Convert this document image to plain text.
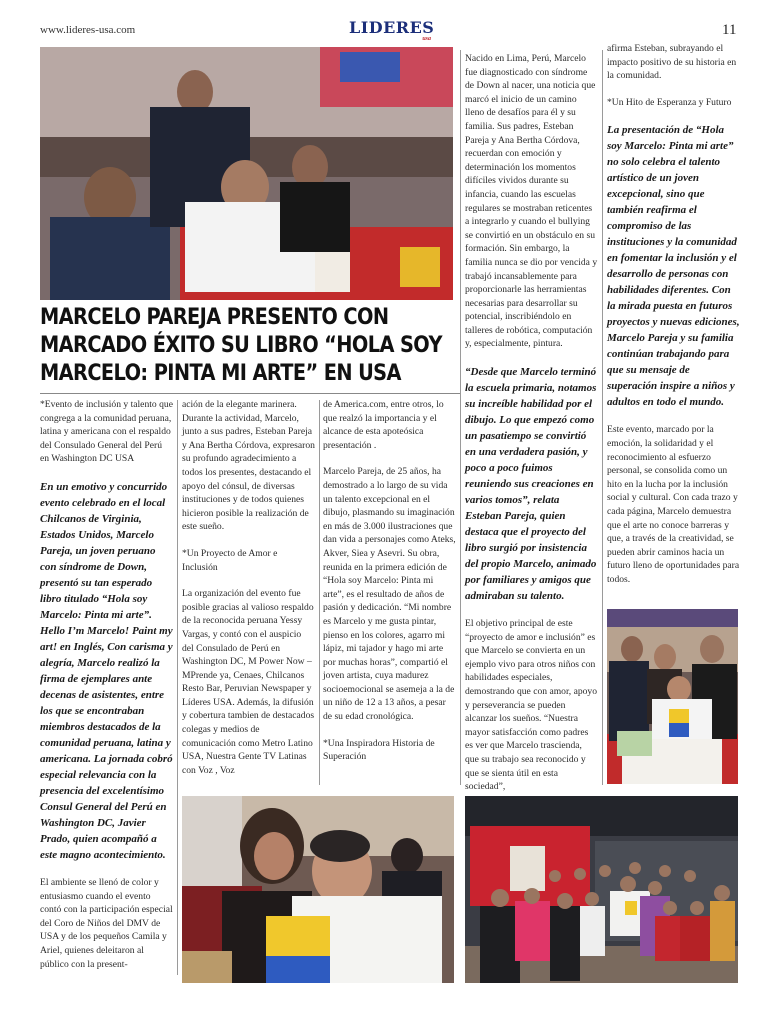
www.lideres-usa.com	LIDERES
usa
11
MARCELO PAREJA PRESENTO CON MARCADO ÉXITO SU LIBRO “HOLA SOY MARCELO: PINTA MI ARTE” EN USA

*Evento de inclusión y talento que congrega a la comunidad peruana, latina y americana con el respaldo del Consulado General del Perú en Washington DC USA

En un emotivo y concurrido evento celebrado en el local Chilcanos de Virginia, Estados Unidos, Marcelo Pareja, un joven peruano con síndrome de Down, presentó su tan esperado libro titulado “Hola soy Marcelo: Pinta mi arte”. Hello I’m Marcelo! Paint my art! en Inglés, Con carisma y alegría, Marcelo realizó la firma de ejemplares ante decenas de asistentes, entre los que se encontraban miembros destacados de la comunidad peruana, latina y americana. La jornada cobró especial relevancia con la presencia del excelentísimo Consul General del Perú en Washington DC, Javier Prado, quien acompañó a este magno acontecimiento.

El ambiente se llenó de color y entusiasmo cuando el evento contó con la participación especial del Coro de Niños del DMV de USA y de los pequeños Camila y Ariel, quienes deleitaron al público con la present-

ación de la elegante marinera. Durante la actividad, Marcelo, junto a sus padres, Esteban Pareja y Ana Bertha Córdova, expresaron su profundo agradecimiento a todos los presentes, destacando el apoyo del cónsul, de diversas instituciones y de todos quienes hicieron posible la realización de este sueño.

*Un Proyecto de Amor e Inclusión

La organización del evento fue posible gracias al valioso respaldo de la reconocida peruana Yessy Vargas, y contó con el auspicio del Consulado de Perú en Washington DC, M Power Now – MPrende ya, Cenaes, Chilcanos Resto Bar, Peruvian Newspaper y Líderes USA. Además, la difusión y cobertura tambien de destacados colegas y medios de comunicación como Metro Latino USA, Nuestra Gente TV Latinas con Voz , Voz

de America.com, entre otros, lo que realzó la importancia y el alcance de esta apoteósica presentación .

Marcelo Pareja, de 25 años, ha demostrado a lo largo de su vida un talento excepcional en el dibujo, plasmando su imaginación en más de 3.000 ilustraciones que dan vida a personajes como Ateks, Akver, Siea y Asevri. Su obra, reunida en la primera edición de “Hola soy Marcelo: Pinta mi arte”, es el resultado de años de pasión y dedicación. “Mi nombre es Marcelo y me gusta pintar, pienso en los colores, agarro mi lápiz, mi tajador y hago mi arte por muchas horas”, compartió el joven artista, cuya madurez socioemocional se asemeja a la de un niño de 12 a 13 años, a pesar de su edad cronológica.

*Una Inspiradora Historia de Superación

Nacido en Lima, Perú, Marcelo fue diagnosticado con síndrome de Down al nacer, una noticia que marcó el inicio de un camino lleno de desafíos para él y su familia. Sus padres, Esteban Pareja y Ana Bertha Córdova, recuerdan con emoción y determinación los momentos difíciles vividos durante su infancia, cuando las escuelas regulares se mostraban reticentes a integrarlo y cuando el bullying se convirtió en un obstáculo en su formación. Sin embargo, la familia nunca se dio por vencida y trabajó incansablemente para proporcionarle las herramientas necesarias para desarrollar su potencial, inscribiéndolo en talleres de robótica, computación y, especialmente, pintura.

“Desde que Marcelo terminó la escuela primaria, notamos su increíble habilidad por el dibujo. Lo que empezó como un pasatiempo se convirtió en una verdadera pasión, y poco a poco fuimos reuniendo sus creaciones en varios tomos”, relata Esteban Pareja, quien destaca que el proyecto del libro surgió por insistencia del propio Marcelo, animado por familiares y amigos que admiraban su talento.

El objetivo principal de este “proyecto de amor e inclusión” es que Marcelo se convierta en un ejemplo vivo para otros niños con habilidades especiales, demostrando que con amor, apoyo y perseverancia se pueden alcanzar los sueños. “Nuestra mayor satisfacción como padres es ver que Marcelo trascienda, que su trabajo sea reconocido y que se sienta útil en esta sociedad”,

afirma Esteban, subrayando el impacto positivo de su historia en la comunidad.

*Un Hito de Esperanza y Futuro

La presentación de “Hola soy Marcelo: Pinta mi arte” no solo celebra el talento artístico de un joven excepcional, sino que también reafirma el compromiso de las instituciones y la comunidad en fomentar la inclusión y el desarrollo de personas con habilidades diferentes. Con la mirada puesta en futuros proyectos y nuevas ediciones, Marcelo Pareja y su familia continúan trabajando para que su mensaje de superación inspire a niños y adultos en todo el mundo.

Este evento, marcado por la emoción, la solidaridad y el reconocimiento al esfuerzo personal, se consolida como un hito en la lucha por la inclusión social y cultural. Con cada trazo y cada página, Marcelo demuestra que el arte no conoce barreras y que, a través de la creatividad, se pueden abrir caminos hacia un futuro lleno de oportunidades para todos.
